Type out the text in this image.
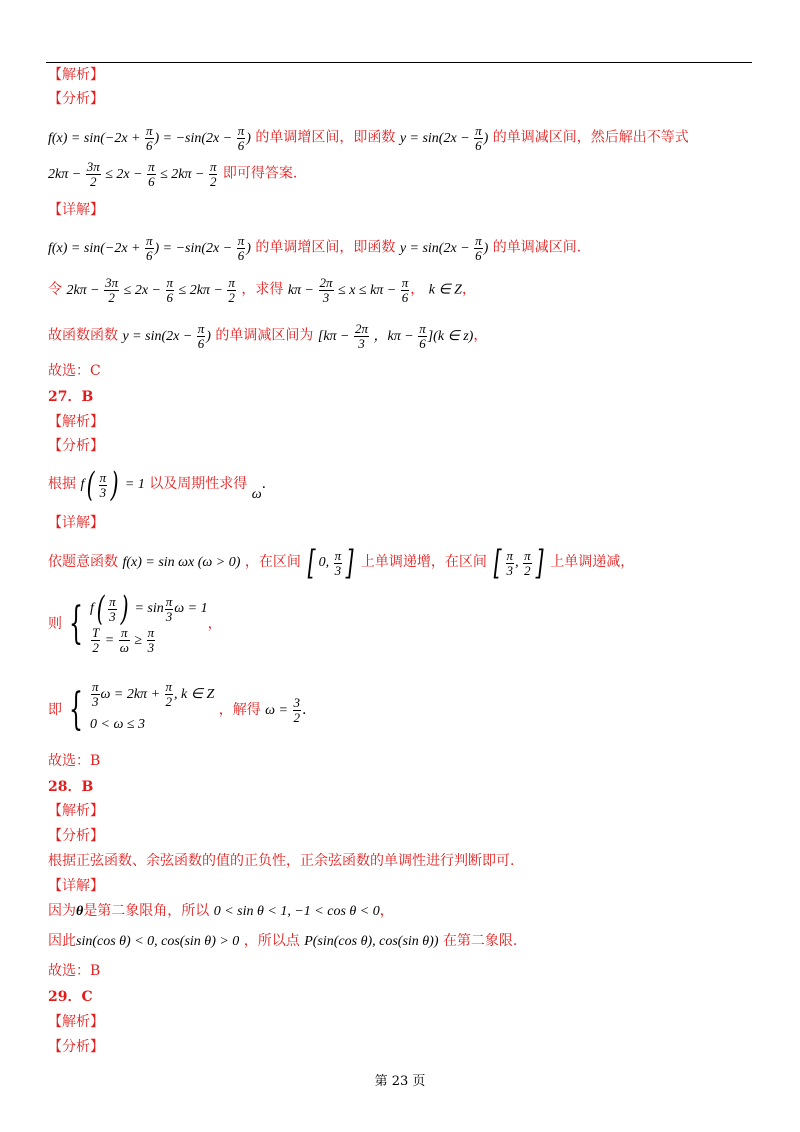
【解析】
【分析】
$f(x) = \sin(-2x + \frac{\pi}{6}$ ) = $-\sin(2x - \frac{\pi}{6}$ ) 的单调增区间，即函数 $y = \sin(2x - \frac{\pi}{6}$ ) 的单调减区间，然后解出不等式
$2k\pi - \frac{3\pi}{2} \le 2x - \frac{\pi}{6} \le 2k\pi - \frac{\pi}{2}$ 即可得答案.
【详解】
$f(x) = \sin(-2x + \frac{\pi}{6}$ ) = $-\sin(2x - \frac{\pi}{6}$ ) 的单调增区间，即函数 $y = \sin(2x - \frac{\pi}{6}$ ) 的单调减区间.
令 $2k\pi - \frac{3\pi}{2} \le 2x - \frac{\pi}{6} \le 2k\pi - \frac{\pi}{2}$ ，求得 $k\pi - \frac{2\pi}{3} \le x \le k\pi - \frac{\pi}{6}$ ， k ∈ Z，
故函数函数 $y = \sin(2x - \frac{\pi}{6}$ ) 的单调减区间为 [$k\pi - \frac{2\pi}{3}$ ，$k\pi - \frac{\pi}{6} ](k$ ∈ z)，
故选：C
27．B
【解析】
【分析】
根据 $f( \frac{\pi}{3}$ ) = 1 以及周期性求得 ω.
【详解】
依题意函数 f(x) = sin ωx (ω > 0) ，在区间 [ 0, $\frac{\pi}{3}$ ] 上单调递增，在区间 [ $\frac{\pi}{3}$ , $\frac{\pi}{2}$ ] 上单调递减，
则 { $f( \frac{\pi}{3}$ ) = $\sin \frac{\pi}{3}$ ω = 1
$\frac{T}{2} = \frac{\pi}{\omega} \ge \frac{\pi}{3}$
，
即 { $\frac{\pi}{3}$ $\omega = 2k\pi + \frac{\pi}{2}$ , k ∈ Z
0 < ω ≤ 3
，解得 $\omega = \frac{3}{2}$ .
故选：B
28．B
【解析】
【分析】
根据正弦函数、余弦函数的值的正负性，正余弦函数的单调性进行判断即可.
【详解】
因为θ是第二象限角，所以 0 < sin θ < 1, −1 < cos θ < 0，
因此sin(cos θ) < 0, cos(sin θ) > 0 ，所以点 P(sin(cos θ), cos(sin θ)) 在第二象限.
故选：B
29．C
【解析】
【分析】
第 23 页
